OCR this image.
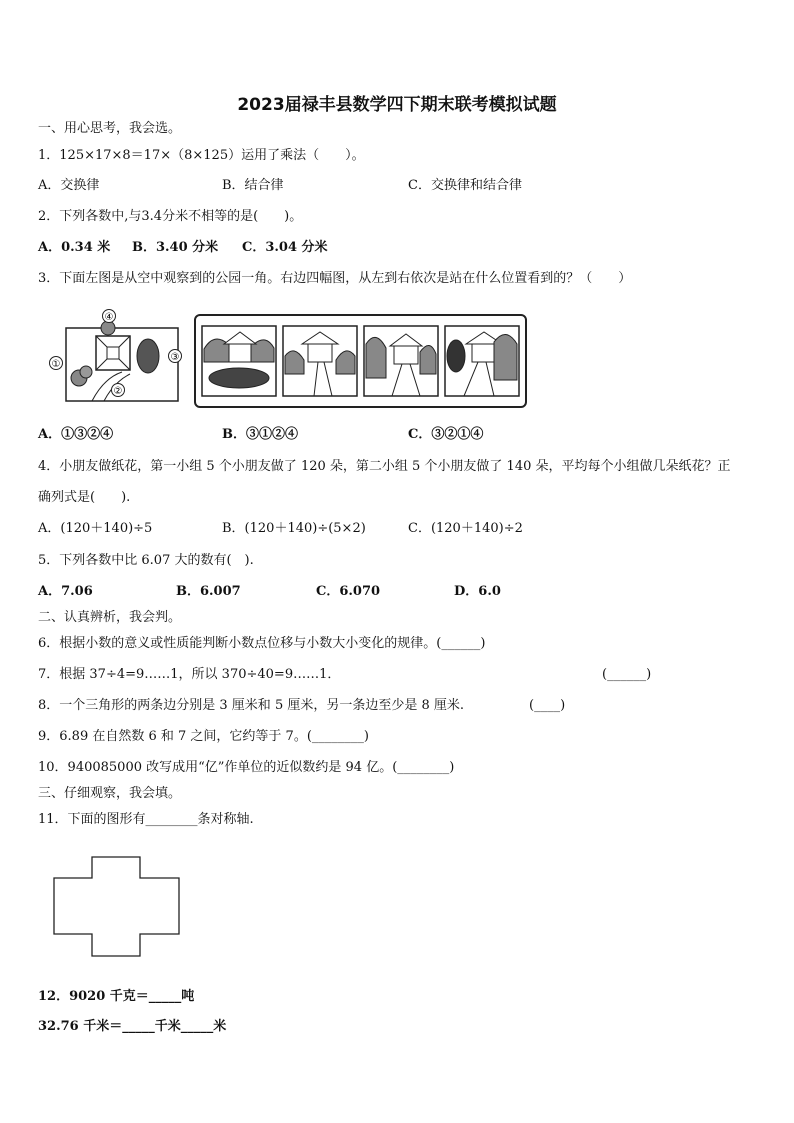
2023届禄丰县数学四下期末联考模拟试题
一、用心思考，我会选。
1．125×17×8＝17×（8×125）运用了乘法（　　）。
A．交换律	B．结合律	C．交换律和结合律
2．下列各数中,与3.4分米不相等的是(　　)。
A．0.34 米 B．3.40 分米 C．3.04 分米
3．下面左图是从空中观察到的公园一角。右边四幅图，从左到右依次是站在什么位置看到的？（　　）
④
①
②
③
A．①③②④	B．③①②④	C．③②①④
4．小朋友做纸花，第一小组 5 个小朋友做了 120 朵，第二小组 5 个小朋友做了 140 朵，平均每个小组做几朵纸花？正
确列式是(　　).
A．(120＋140)÷5	B．(120＋140)÷(5×2)	C．(120＋140)÷2
5．下列各数中比 6.07 大的数有(　).
A．7.06	B．6.007	C．6.070	D．6.0
二、认真辨析，我会判。
6．根据小数的意义或性质能判断小数点位移与小数大小变化的规律。(______)
7．根据 37÷4=9……1，所以 370÷40=9……1．	(______)
8．一个三角形的两条边分别是 3 厘米和 5 厘米，另一条边至少是 8 厘米.	(____)
9．6.89 在自然数 6 和 7 之间，它约等于 7。(________)
10．940085000 改写成用“亿”作单位的近似数约是 94 亿。(________)
三、仔细观察，我会填。
11．下面的图形有________条对称轴.
12．9020 千克＝_____吨
32.76 千米＝_____千米_____米
